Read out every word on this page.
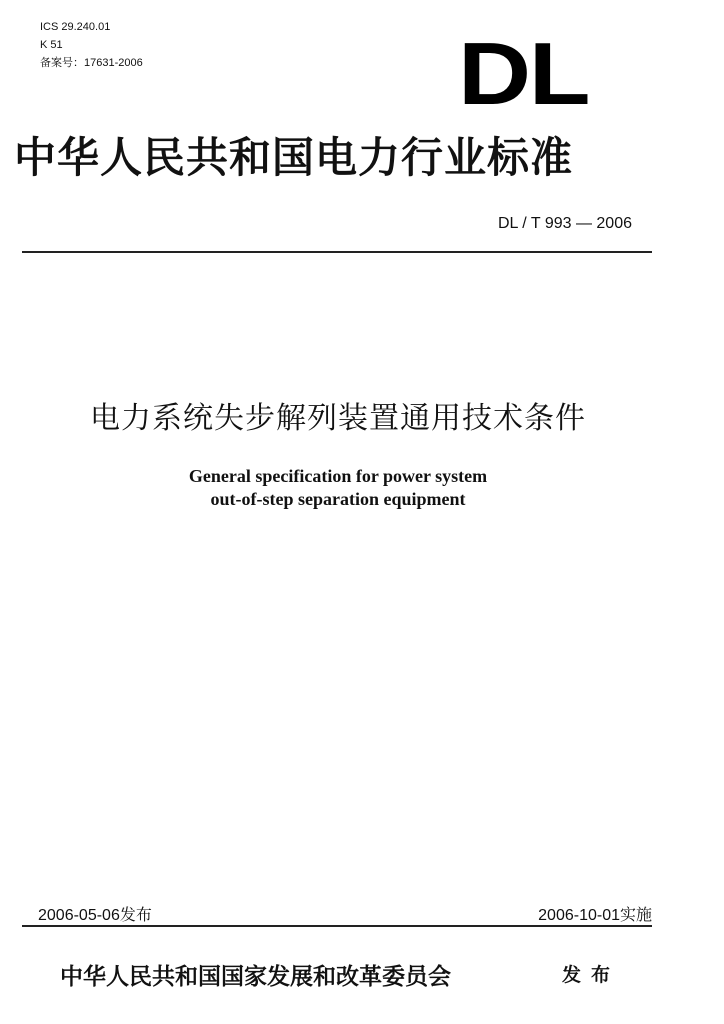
ICS 29.240.01
K 51
备案号：17631-2006	DL
中华人民共和国电力行业标准
DL / T 993 — 2006
电力系统失步解列装置通用技术条件
General specification for power system
out-of-step separation equipment
2006-05-06发布	2006-10-01实施
中华人民共和国国家发展和改革委员会	发布
